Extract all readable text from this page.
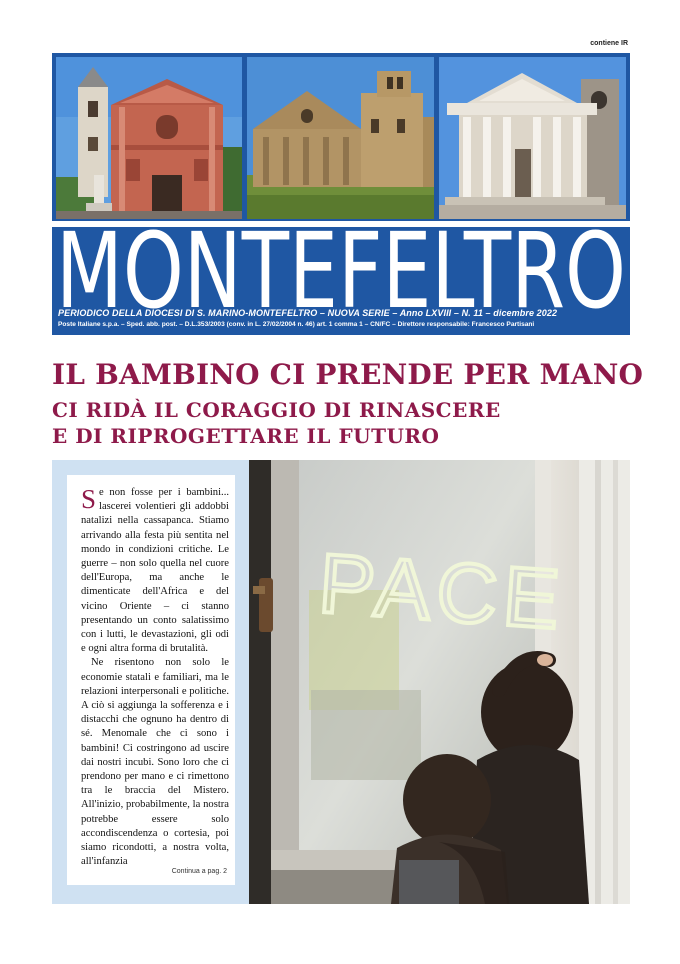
contiene IR
MONTEFELTRO
PERIODICO DELLA DIOCESI DI S. MARINO-MONTEFELTRO – NUOVA SERIE – Anno LXVIII – N. 11 – dicembre 2022
Poste Italiane s.p.a. – Sped. abb. post. – D.L.353/2003 (conv. in L. 27/02/2004 n. 46) art. 1 comma 1 – CN/FC – Direttore responsabile: Francesco Partisani
IL BAMBINO CI PRENDE PER MANO
CI RIDÀ IL CORAGGIO DI RINASCERE
E DI RIPROGETTARE IL FUTURO

Se non fosse per i bambini... lascerei volentieri gli addobbi natalizi nella cassapanca. Stiamo arrivando alla festa più sentita nel mondo in condizioni critiche. Le guerre – non solo quella nel cuore dell'Europa, ma anche le dimenticate dell'Africa e del vicino Oriente – ci stanno presentando un conto salatissimo con i lutti, le devastazioni, gli odi e ogni altra forma di brutalità.

Ne risentono non solo le economie statali e familiari, ma le relazioni interpersonali e politiche. A ciò si aggiunga la sofferenza e i distacchi che ognuno ha dentro di sé. Menomale che ci sono i bambini! Ci costringono ad uscire dai nostri incubi. Sono loro che ci prendono per mano e ci rimettono tra le braccia del Mistero. All'inizio, probabilmente, la nostra potrebbe essere solo accondiscendenza o cortesia, poi siamo ricondotti, a nostra volta, all'infanzia

Continua a pag. 2
PACE
